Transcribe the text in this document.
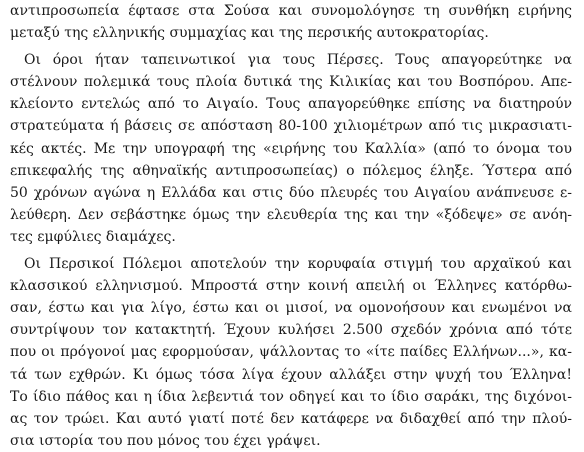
αντιπροσωπεία έφτασε στα Σούσα και συνομολόγησε τη συνθήκη ειρήνης
μεταξύ της ελληνικής συμμαχίας και της περσικής αυτοκρατορίας.
Οι όροι ήταν ταπεινωτικοί για τους Πέρσες. Τους απαγορεύτηκε να
στέλνουν πολεμικά τους πλοία δυτικά της Κιλικίας και του Βοσπόρου. Απε-
κλείοντο εντελώς από το Αιγαίο. Τους απαγορεύθηκε επίσης να διατηρούν
στρατεύματα ή βάσεις σε απόσταση 80-100 χιλιομέτρων από τις μικρασιατι-
κές ακτές. Με την υπογραφή της «ειρήνης του Καλλία» (από το όνομα του
επικεφαλής της αθηναϊκής αντιπροσωπείας) ο πόλεμος έληξε. Ύστερα από
50 χρόνων αγώνα η Ελλάδα και στις δύο πλευρές του Αιγαίου ανάπνευσε ε-
λεύθερη. Δεν σεβάστηκε όμως την ελευθερία της και την «ξόδεψε» σε ανόη-
τες εμφύλιες διαμάχες.
Οι Περσικοί Πόλεμοι αποτελούν την κορυφαία στιγμή του αρχαϊκού και
κλασσικού ελληνισμού. Μπροστά στην κοινή απειλή οι Έλληνες κατόρθω-
σαν, έστω και για λίγο, έστω και οι μισοί, να ομονοήσουν και ενωμένοι να
συντρίψουν τον κατακτητή. Έχουν κυλήσει 2.500 σχεδόν χρόνια από τότε
που οι πρόγονοί μας εφορμούσαν, ψάλλοντας το «ίτε παίδες Ελλήνων...», κα-
τά των εχθρών. Κι όμως τόσα λίγα έχουν αλλάξει στην ψυχή του Έλληνα!
Το ίδιο πάθος και η ίδια λεβεντιά τον οδηγεί και το ίδιο σαράκι, της διχόνοι-
ας τον τρώει. Και αυτό γιατί ποτέ δεν κατάφερε να διδαχθεί από την πλού-
σια ιστορία του που μόνος του έχει γράψει.
